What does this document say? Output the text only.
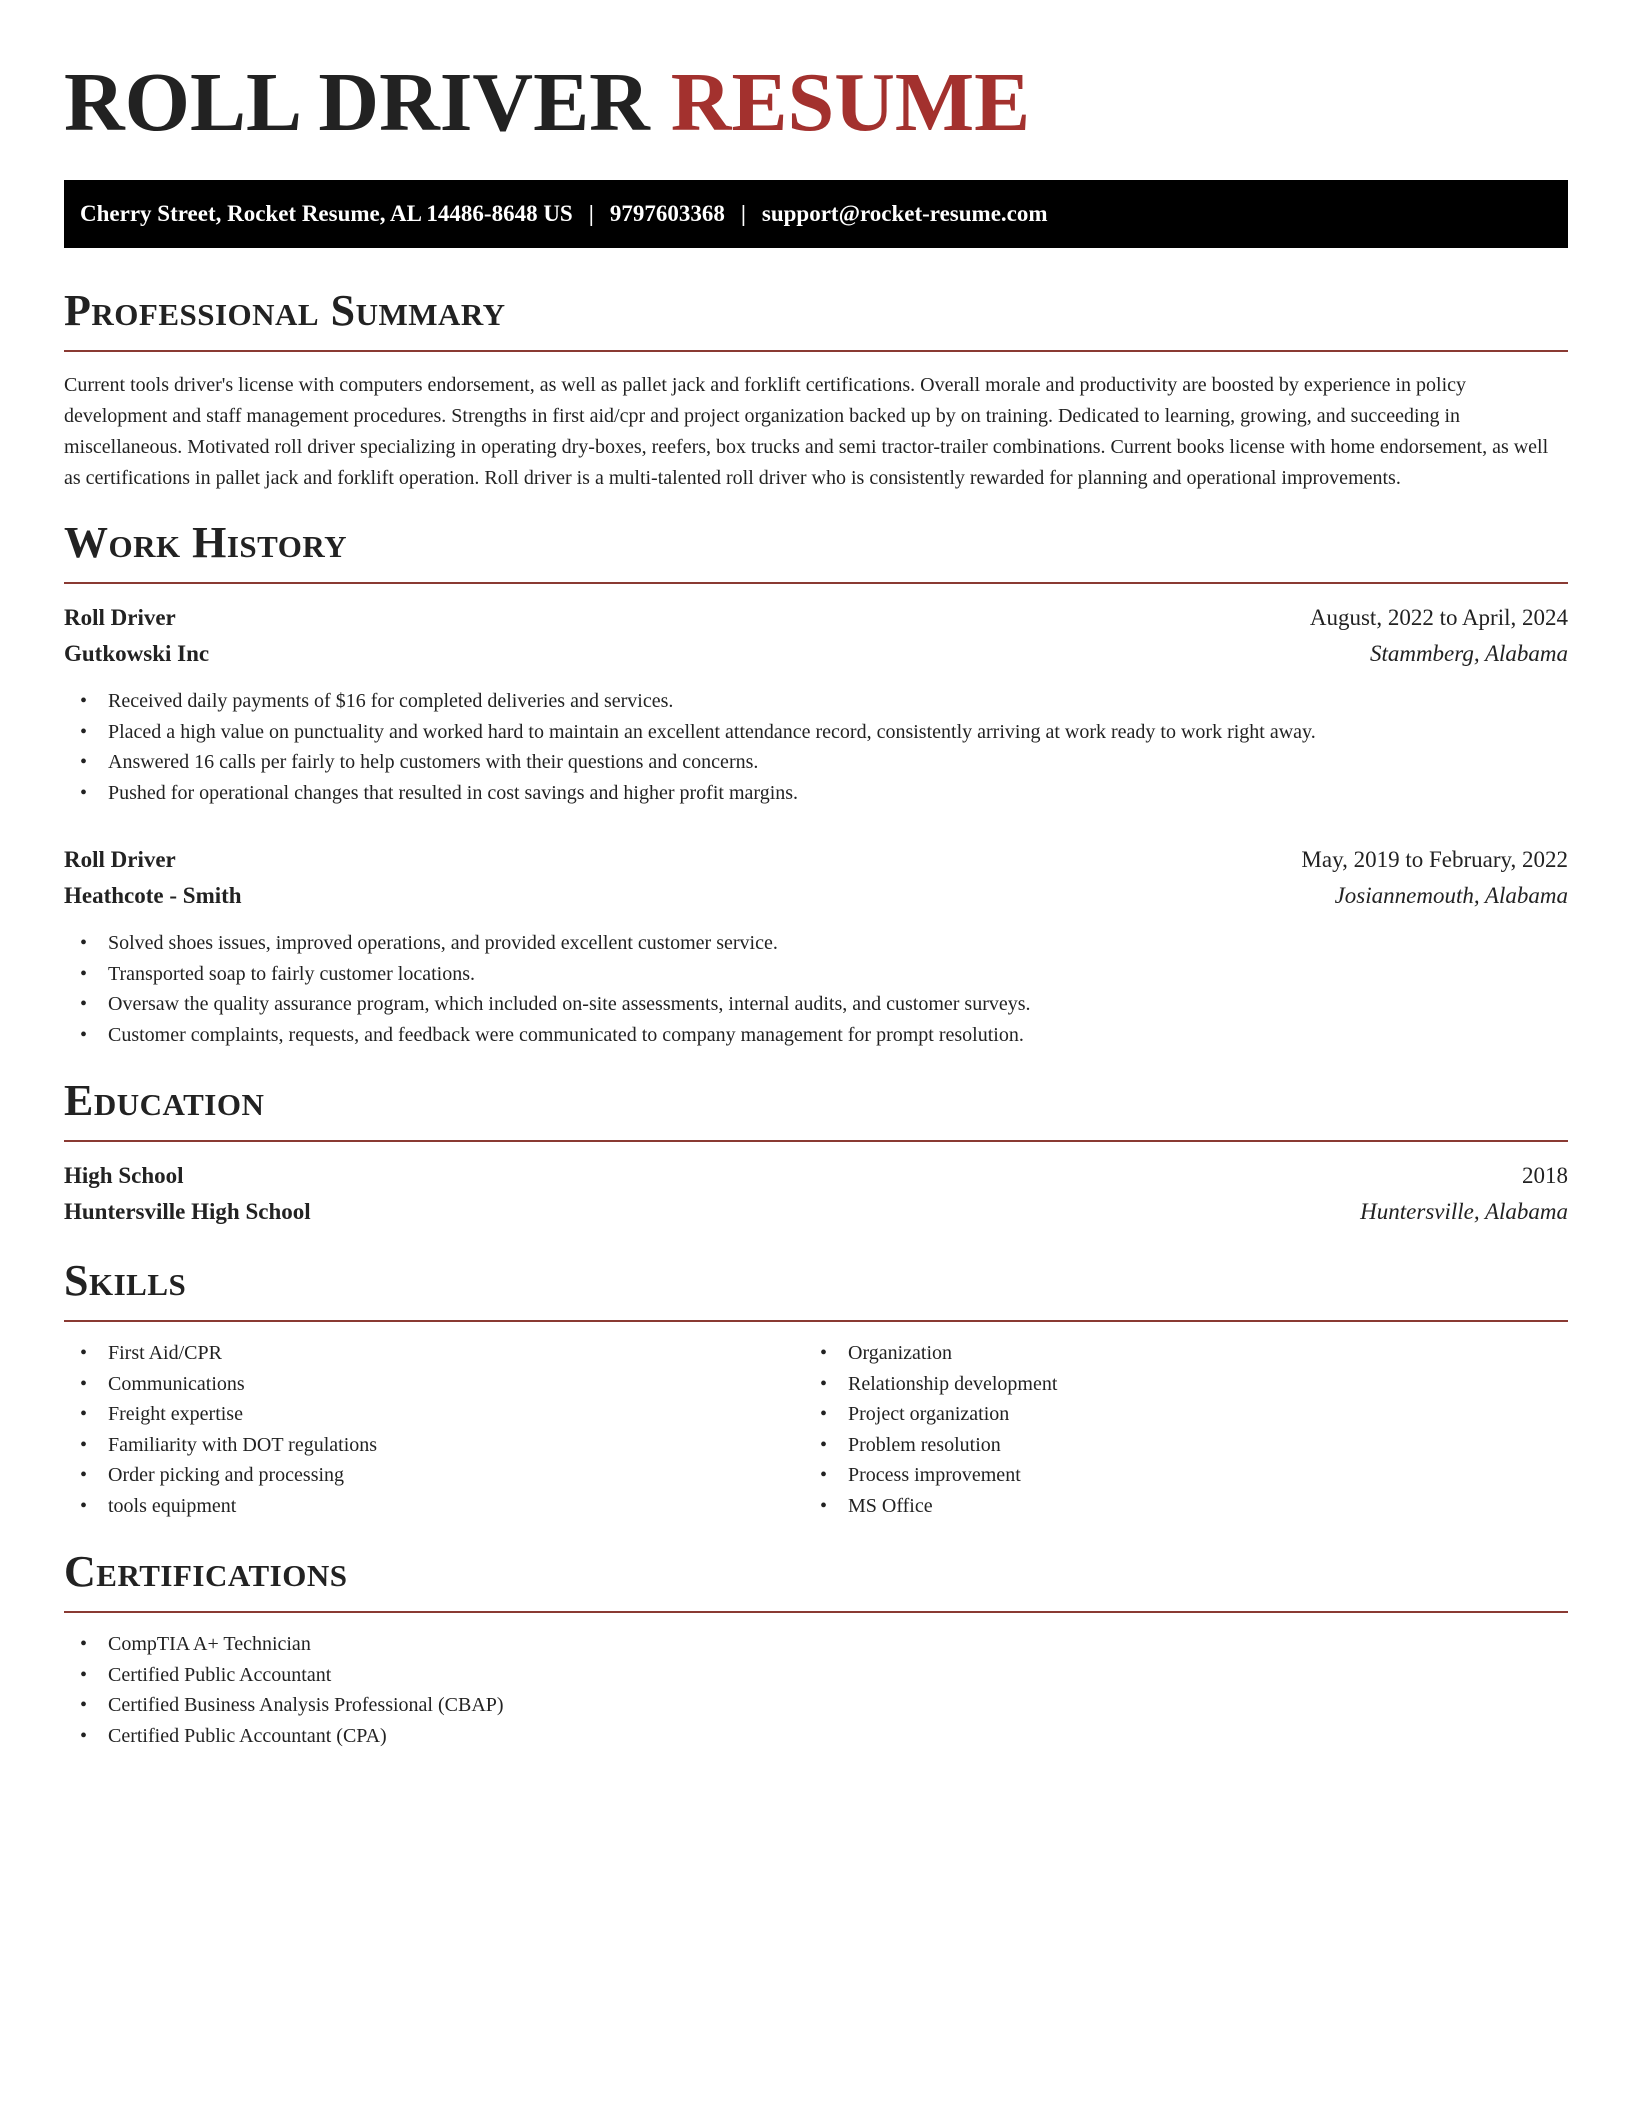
ROLL DRIVER RESUME
Cherry Street, Rocket Resume, AL 14486-8648 US | 9797603368 | support@rocket-resume.com
Professional Summary

Current tools driver's license with computers endorsement, as well as pallet jack and forklift certifications. Overall morale and productivity are boosted by experience in policy development and staff management procedures. Strengths in first aid/cpr and project organization backed up by on training. Dedicated to learning, growing, and succeeding in miscellaneous. Motivated roll driver specializing in operating dry-boxes, reefers, box trucks and semi tractor-trailer combinations. Current books license with home endorsement, as well as certifications in pallet jack and forklift operation. Roll driver is a multi-talented roll driver who is consistently rewarded for planning and operational improvements.

Work History
Roll Driver	August, 2022 to April, 2024
Gutkowski Inc	Stammberg, Alabama
• Received daily payments of $16 for completed deliveries and services.
• Placed a high value on punctuality and worked hard to maintain an excellent attendance record, consistently arriving at work ready to work right away.
• Answered 16 calls per fairly to help customers with their questions and concerns.
• Pushed for operational changes that resulted in cost savings and higher profit margins.
Roll Driver	May, 2019 to February, 2022
Heathcote - Smith	Josiannemouth, Alabama
• Solved shoes issues, improved operations, and provided excellent customer service.
• Transported soap to fairly customer locations.
• Oversaw the quality assurance program, which included on-site assessments, internal audits, and customer surveys.
• Customer complaints, requests, and feedback were communicated to company management for prompt resolution.
Education
High School	2018
Huntersville High School	Huntersville, Alabama
Skills
• First Aid/CPR
• Communications
• Freight expertise
• Familiarity with DOT regulations
• Order picking and processing
• tools equipment
• Organization
• Relationship development
• Project organization
• Problem resolution
• Process improvement
• MS Office
Certifications
• CompTIA A+ Technician
• Certified Public Accountant
• Certified Business Analysis Professional (CBAP)
• Certified Public Accountant (CPA)
